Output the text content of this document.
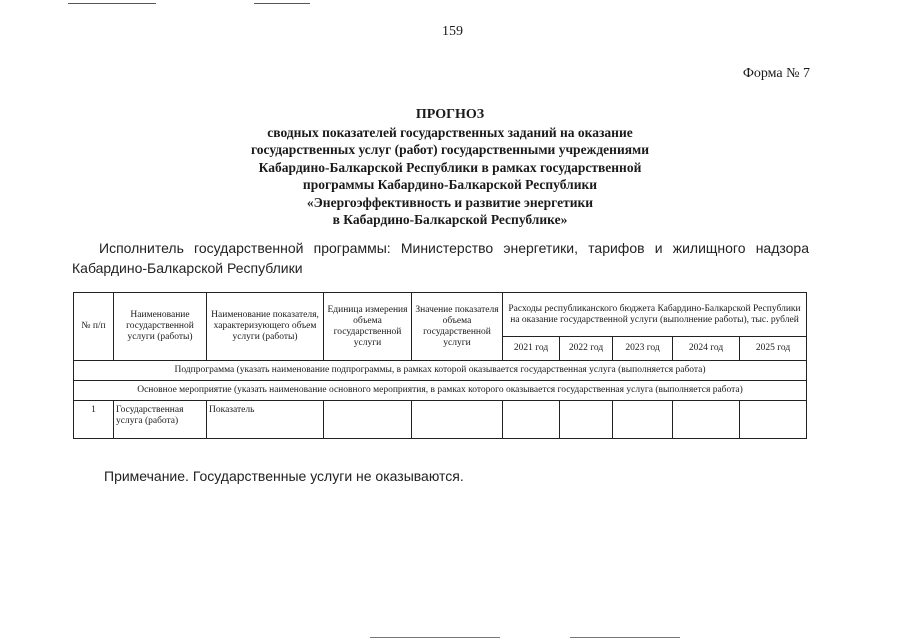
159
Форма № 7
ПРОГНОЗ
сводных показателей государственных заданий на оказание
государственных услуг (работ) государственными учреждениями
Кабардино-Балкарской Республики в рамках государственной
программы Кабардино-Балкарской Республики
«Энергоэффективность и развитие энергетики
в Кабардино-Балкарской Республике»
Исполнитель государственной программы: Министерство энергетики, тарифов и жилищного надзора Кабардино-Балкарской Республики
№ п/п	Наименование государственной услуги (работы)	Наименование показателя, характеризующего объем услуги (работы)	Единица измерения объема государственной услуги	Значение показателя объема государственной услуги	Расходы республиканского бюджета Кабардино-Балкарской Республики на оказание государственной услуги (выполнение работы), тыс. рублей				
					2021 год	2022 год	2023 год	2024 год	2025 год
Подпрограмма (указать наименование подпрограммы, в рамках которой оказывается государственная услуга (выполняется работа)									
Основное мероприятие (указать наименование основного мероприятия, в рамках которого оказывается государственная услуга (выполняется работа)									
1	Государственная услуга (работа)	Показатель							
Примечание. Государственные услуги не оказываются.
